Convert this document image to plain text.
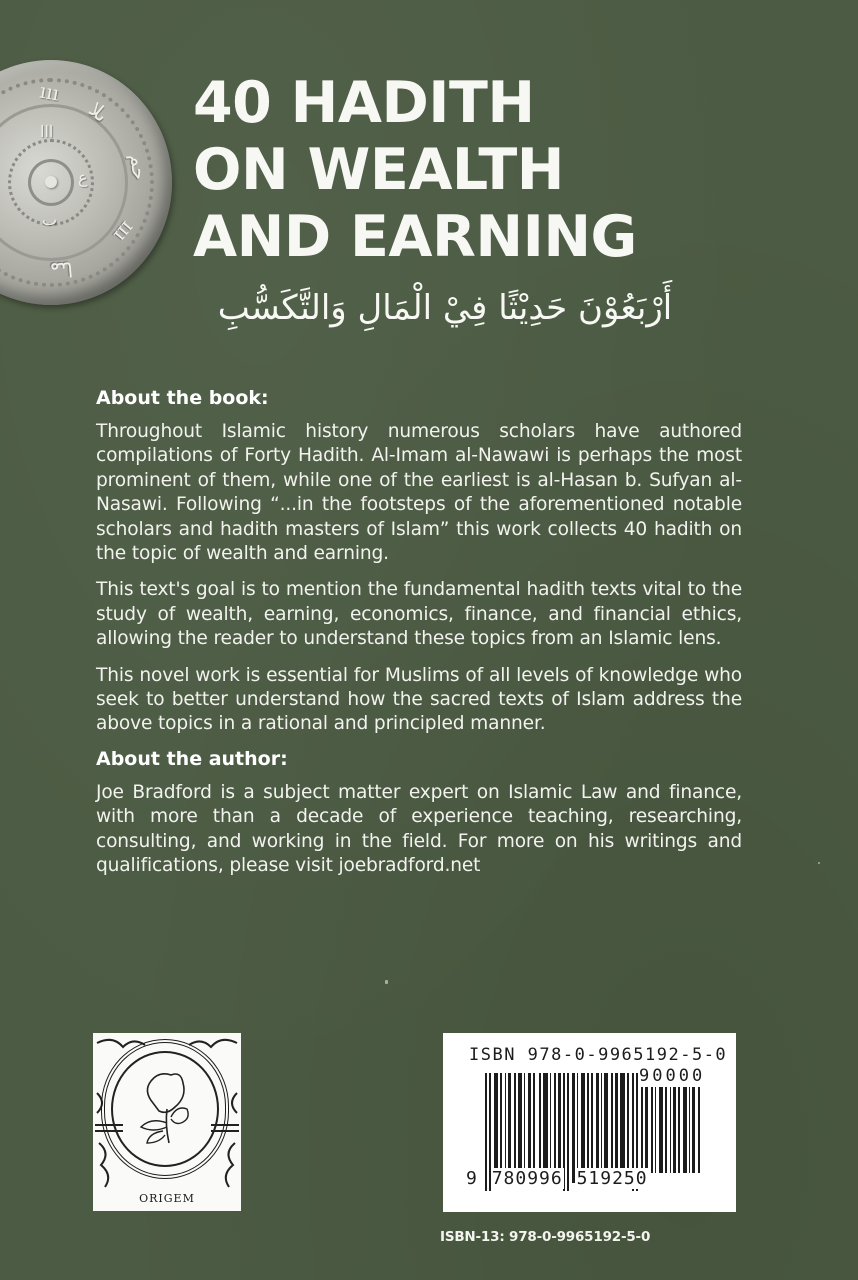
ııı
ىلا
حم
ııı
مىا
ااا
ع
ٮ
40 HADITH
ON WEALTH
AND EARNING
أَرْبَعُوْنَ حَدِيْثًا فِيْ الْمَالِ وَالتَّكَسُّبِ
About the book:

Throughout Islamic history numerous scholars have authored compilations of Forty Hadith. Al-Imam al-Nawawi is perhaps the most prominent of them, while one of the earliest is al-Hasan b. Sufyan al-Nasawi. Following “...in the footsteps of the aforementioned notable scholars and hadith masters of Islam” this work collects 40 hadith on the topic of wealth and earning.

This text's goal is to mention the fundamental hadith texts vital to the study of wealth, earning, economics, finance, and financial ethics, allowing the reader to understand these topics from an Islamic lens.

This novel work is essential for Muslims of all levels of knowledge who seek to better understand how the sacred texts of Islam address the above topics in a rational and principled manner.

About the author:

Joe Bradford is a subject matter expert on Islamic Law and finance, with more than a decade of experience teaching, researching, consulting, and working in the field. For more on his writings and qualifications, please visit joebradford.net

ORIGEM
ISBN 978-0-9965192-5-0
90000
9 780996 519250
ISBN-13: 978-0-9965192-5-0
